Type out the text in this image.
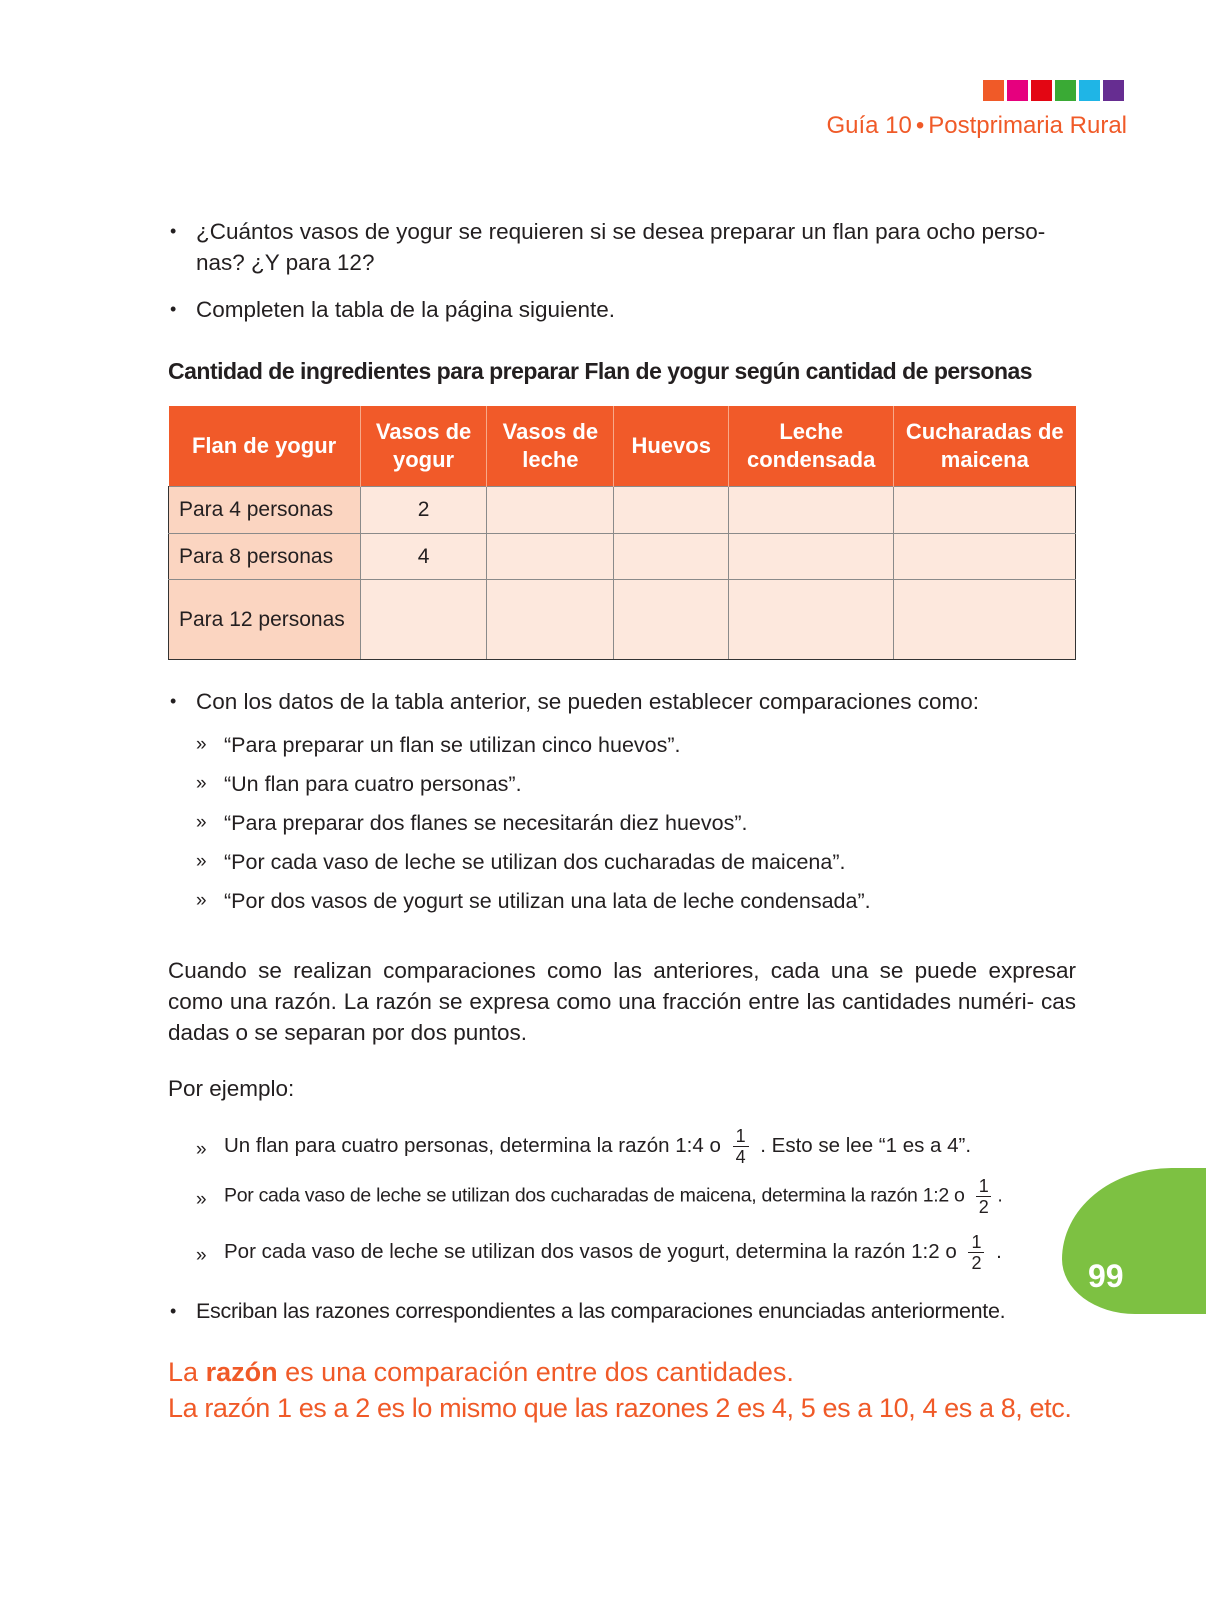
Guía 10 • Postprimaria Rural
• ¿Cuántos vasos de yogur se requieren si se desea preparar un flan para ocho perso- nas? ¿Y para 12?
• Completen la tabla de la página siguiente.
Cantidad de ingredientes para preparar Flan de yogur según cantidad de personas
Flan de yogur	Vasos de yogur	Vasos de leche	Huevos	Leche condensada	Cucharadas de maicena
Para 4 personas	2				
Para 8 personas	4				
Para 12 personas					
• Con los datos de la tabla anterior, se pueden establecer comparaciones como:
» “Para preparar un flan se utilizan cinco huevos”.
» “Un flan para cuatro personas”.
» “Para preparar dos flanes se necesitarán diez huevos”.
» “Por cada vaso de leche se utilizan dos cucharadas de maicena”.
» “Por dos vasos de yogurt se utilizan una lata de leche condensada”.
Cuando se realizan comparaciones como las anteriores, cada una se puede expresar como una razón. La razón se expresa como una fracción entre las cantidades numéri- cas dadas o se separan por dos puntos.
Por ejemplo:
» Un flan para cuatro personas, determina la razón 1:4 o $\frac{1}{4}$ . Esto se lee “1 es a 4”.
» Por cada vaso de leche se utilizan dos cucharadas de maicena, determina la razón 1:2 o $\frac{1}{2}$ .
» Por cada vaso de leche se utilizan dos vasos de yogurt, determina la razón 1:2 o $\frac{1}{2}$ .
• Escriban las razones correspondientes a las comparaciones enunciadas anteriormente.
La razón es una comparación entre dos cantidades.
La razón 1 es a 2 es lo mismo que las razones 2 es 4, 5 es a 10, 4 es a 8, etc.
99
